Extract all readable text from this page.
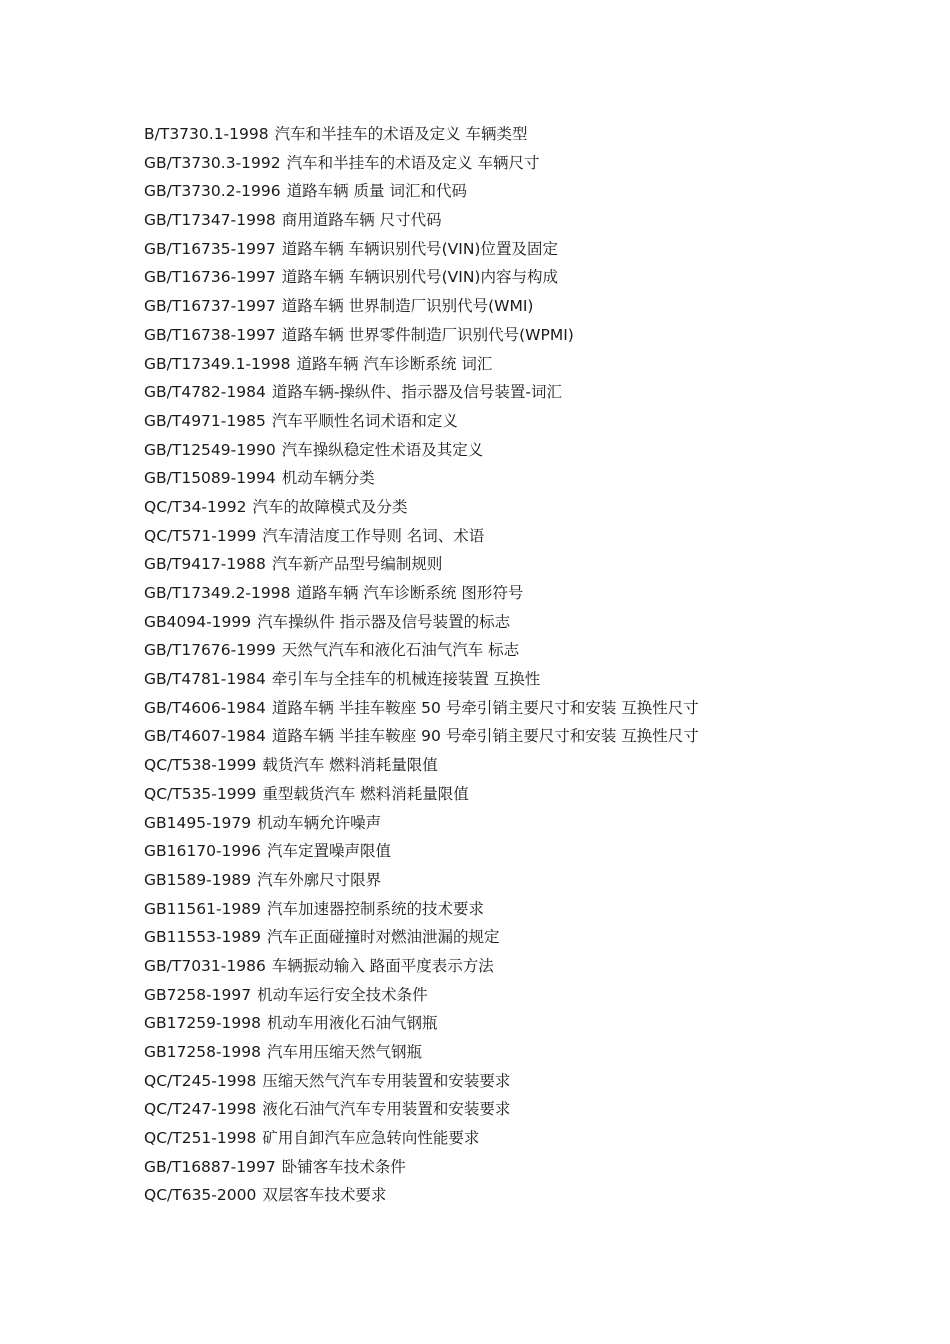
B/T3730.1-1998 汽车和半挂车的术语及定义 车辆类型
GB/T3730.3-1992 汽车和半挂车的术语及定义 车辆尺寸
GB/T3730.2-1996 道路车辆 质量 词汇和代码
GB/T17347-1998 商用道路车辆 尺寸代码
GB/T16735-1997 道路车辆 车辆识别代号(VIN)位置及固定
GB/T16736-1997 道路车辆 车辆识别代号(VIN)内容与构成
GB/T16737-1997 道路车辆 世界制造厂识别代号(WMI)
GB/T16738-1997 道路车辆 世界零件制造厂识别代号(WPMI)
GB/T17349.1-1998 道路车辆 汽车诊断系统 词汇
GB/T4782-1984 道路车辆-操纵件、指示器及信号装置-词汇
GB/T4971-1985 汽车平顺性名词术语和定义
GB/T12549-1990 汽车操纵稳定性术语及其定义
GB/T15089-1994 机动车辆分类
QC/T34-1992 汽车的故障模式及分类
QC/T571-1999 汽车清洁度工作导则 名词、术语
GB/T9417-1988 汽车新产品型号编制规则
GB/T17349.2-1998 道路车辆 汽车诊断系统 图形符号
GB4094-1999 汽车操纵件 指示器及信号装置的标志
GB/T17676-1999 天然气汽车和液化石油气汽车 标志
GB/T4781-1984 牵引车与全挂车的机械连接装置 互换性
GB/T4606-1984 道路车辆 半挂车鞍座 50 号牵引销主要尺寸和安装 互换性尺寸
GB/T4607-1984 道路车辆 半挂车鞍座 90 号牵引销主要尺寸和安装 互换性尺寸
QC/T538-1999 载货汽车 燃料消耗量限值
QC/T535-1999 重型载货汽车 燃料消耗量限值
GB1495-1979 机动车辆允许噪声
GB16170-1996 汽车定置噪声限值
GB1589-1989 汽车外廓尺寸限界
GB11561-1989 汽车加速器控制系统的技术要求
GB11553-1989 汽车正面碰撞时对燃油泄漏的规定
GB/T7031-1986 车辆振动输入 路面平度表示方法
GB7258-1997 机动车运行安全技术条件
GB17259-1998 机动车用液化石油气钢瓶
GB17258-1998 汽车用压缩天然气钢瓶
QC/T245-1998 压缩天然气汽车专用装置和安装要求
QC/T247-1998 液化石油气汽车专用装置和安装要求
QC/T251-1998 矿用自卸汽车应急转向性能要求
GB/T16887-1997 卧铺客车技术条件
QC/T635-2000 双层客车技术要求
